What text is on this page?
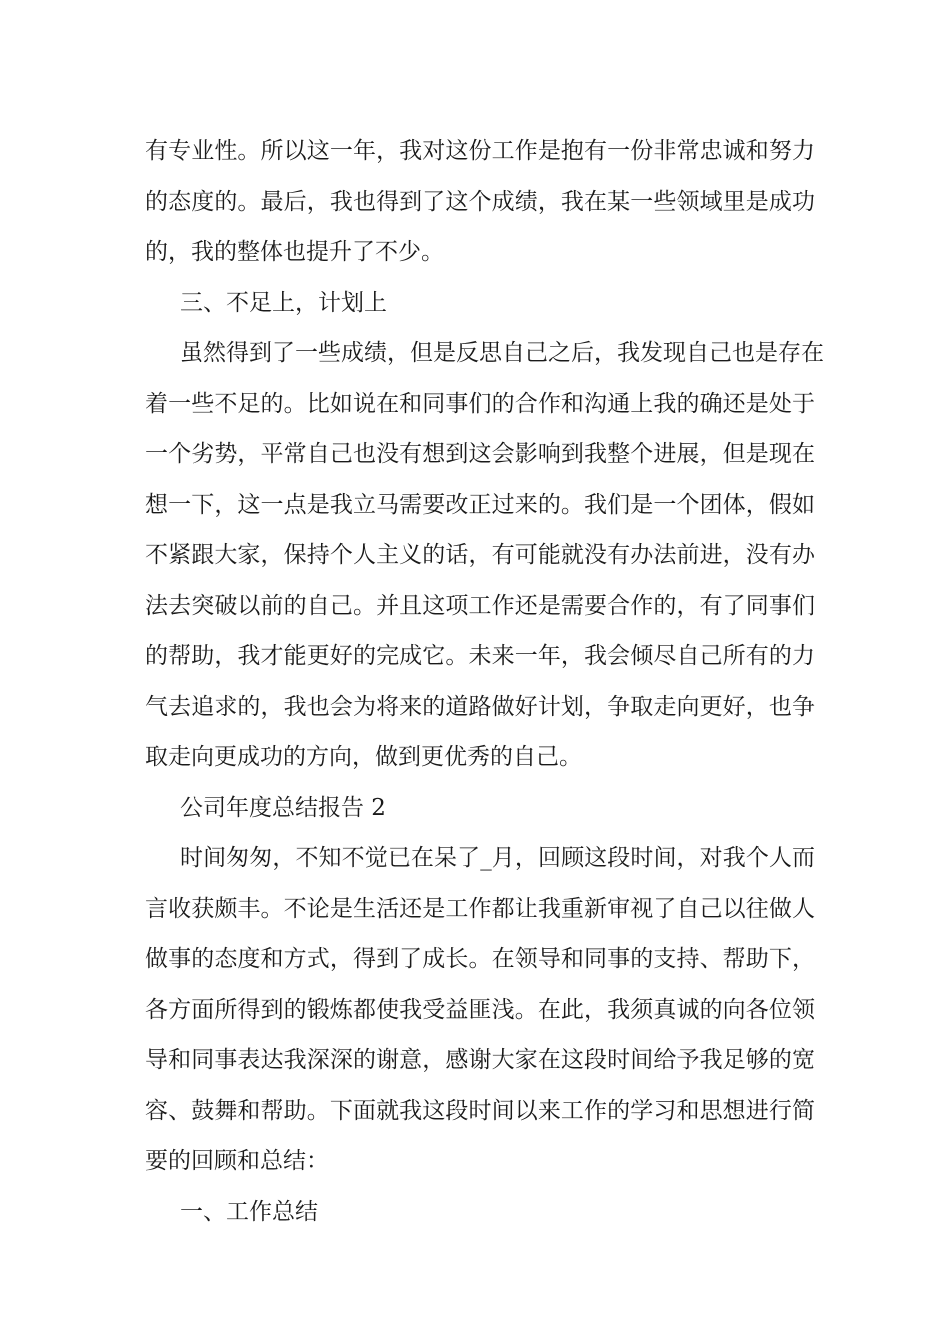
有专业性。所以这一年，我对这份工作是抱有一份非常忠诚和努力
的态度的。最后，我也得到了这个成绩，我在某一些领域里是成功
的，我的整体也提升了不少。
三、不足上，计划上
虽然得到了一些成绩，但是反思自己之后，我发现自己也是存在
着一些不足的。比如说在和同事们的合作和沟通上我的确还是处于
一个劣势，平常自己也没有想到这会影响到我整个进展，但是现在
想一下，这一点是我立马需要改正过来的。我们是一个团体，假如
不紧跟大家，保持个人主义的话，有可能就没有办法前进，没有办
法去突破以前的自己。并且这项工作还是需要合作的，有了同事们
的帮助，我才能更好的完成它。未来一年，我会倾尽自己所有的力
气去追求的，我也会为将来的道路做好计划，争取走向更好，也争
取走向更成功的方向，做到更优秀的自己。
公司年度总结报告 2
时间匆匆，不知不觉已在呆了_月，回顾这段时间，对我个人而
言收获颇丰。不论是生活还是工作都让我重新审视了自己以往做人
做事的态度和方式，得到了成长。在领导和同事的支持、帮助下，
各方面所得到的锻炼都使我受益匪浅。在此，我须真诚的向各位领
导和同事表达我深深的谢意，感谢大家在这段时间给予我足够的宽
容、鼓舞和帮助。下面就我这段时间以来工作的学习和思想进行简
要的回顾和总结：
一、工作总结
